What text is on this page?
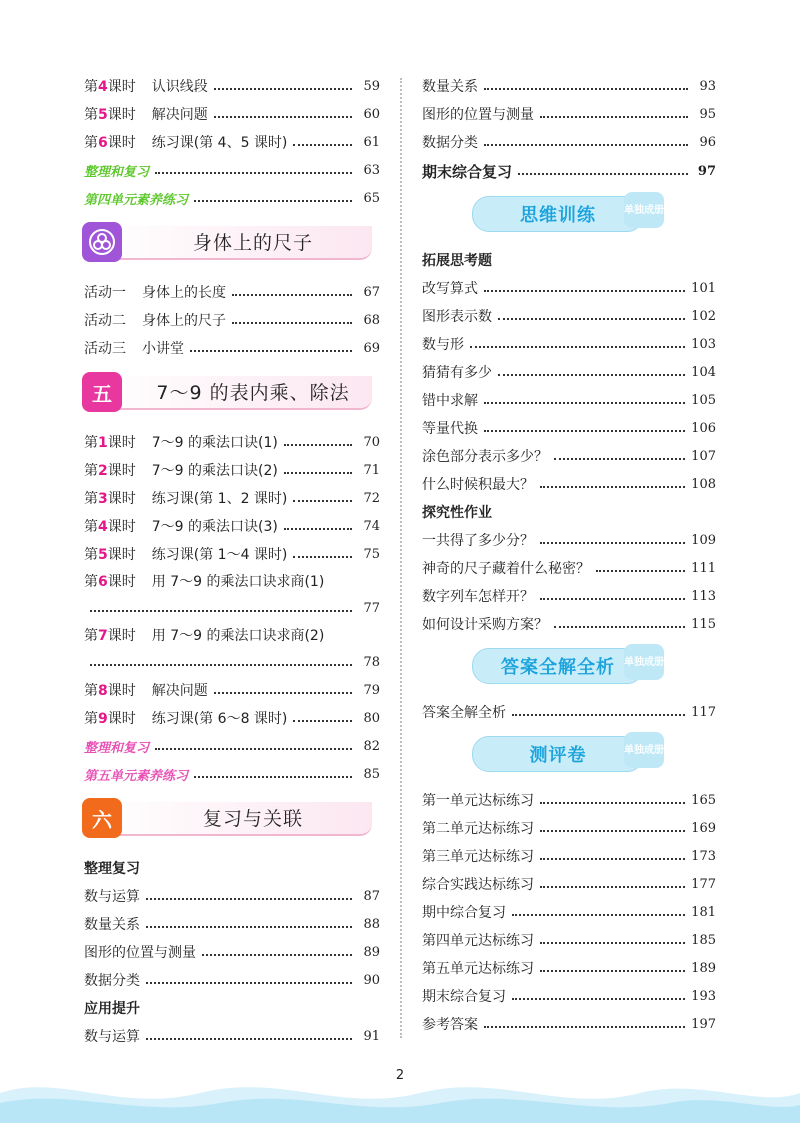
第4课时 认识线段	59
第5课时 解决问题	60
第6课时 练习课(第 4、5 课时)	61
整理和复习	63
第四单元素养练习	65
身体上的尺子
活动一 身体上的长度	67
活动二 身体上的尺子	68
活动三 小讲堂	69
五	7～9 的表内乘、除法
第1课时 7～9 的乘法口诀(1)	70
第2课时 7～9 的乘法口诀(2)	71
第3课时 练习课(第 1、2 课时)	72
第4课时 7～9 的乘法口诀(3)	74
第5课时 练习课(第 1～4 课时)	75
第6课时 用 7～9 的乘法口诀求商(1)
77
第7课时 用 7～9 的乘法口诀求商(2)
78
第8课时 解决问题	79
第9课时 练习课(第 6～8 课时)	80
整理和复习	82
第五单元素养练习	85
六	复习与关联
整理复习
数与运算	87
数量关系	88
图形的位置与测量	89
数据分类	90
应用提升
数与运算	91
数量关系	93
图形的位置与测量	95
数据分类	96
期末综合复习	97
思维训练	单独成册
拓展思考题
改写算式	101
图形表示数	102
数与形	103
猜猜有多少	104
错中求解	105
等量代换	106
涂色部分表示多少？	107
什么时候积最大？	108
探究性作业
一共得了多少分？	109
神奇的尺子藏着什么秘密？	111
数字列车怎样开？	113
如何设计采购方案？	115
答案全解全析 单独成册
答案全解全析	117
测评卷	单独成册
第一单元达标练习	165
第二单元达标练习	169
第三单元达标练习	173
综合实践达标练习	177
期中综合复习	181
第四单元达标练习	185
第五单元达标练习	189
期末综合复习	193
参考答案	197
2
